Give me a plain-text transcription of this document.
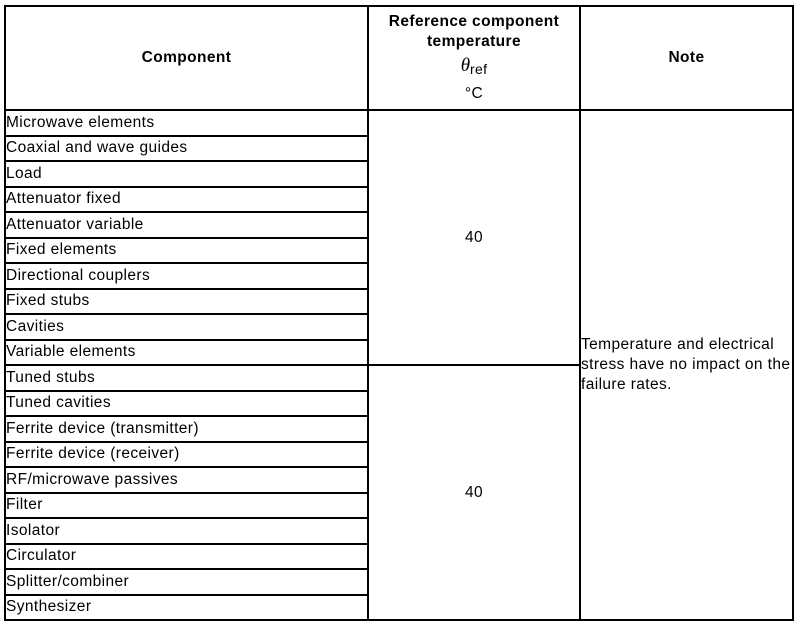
Component	Reference component
temperature
$\theta_{ref}$
°C	Note
Microwave elements	40	Temperature and electrical stress have no impact on the failure rates.
Coaxial and wave guides		
Load		
Attenuator fixed		
Attenuator variable		
Fixed elements		
Directional couplers		
Fixed stubs		
Cavities		
Variable elements		
Tuned stubs	40	
Tuned cavities		
Ferrite device (transmitter)		
Ferrite device (receiver)		
RF/microwave passives		
Filter		
Isolator		
Circulator		
Splitter/combiner		
Synthesizer		
